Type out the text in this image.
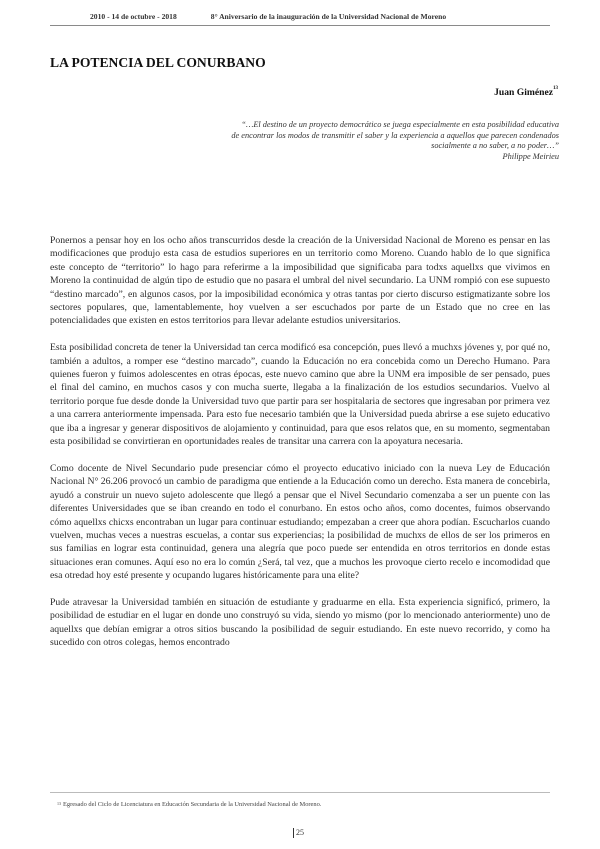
2010 - 14 de octubre - 2018	8° Aniversario de la inauguración de la Universidad Nacional de Moreno
LA POTENCIA DEL CONURBANO
Juan Giménez$^{13}$
“…El destino de un proyecto democrático se juega especialmente en esta posibilidad educativa
de encontrar los modos de transmitir el saber y la experiencia a aquellos que parecen condenados
socialmente a no saber, a no poder…”
Philippe Meirieu

Ponernos a pensar hoy en los ocho años transcurridos desde la creación de la Universidad Nacional de Moreno es pensar en las modificaciones que produjo esta casa de estudios superiores en un territorio como Moreno. Cuando hablo de lo que significa este concepto de “territorio” lo hago para referirme a la imposibilidad que significaba para todxs aquellxs que vivimos en Moreno la continuidad de algún tipo de estudio que no pasara el umbral del nivel secundario. La UNM rompió con ese supuesto “destino marcado”, en algunos casos, por la imposibilidad económica y otras tantas por cierto discurso estigmatizante sobre los sectores populares, que, lamentablemente, hoy vuelven a ser escuchados por parte de un Estado que no cree en las potencialidades que existen en estos territorios para llevar adelante estudios universitarios.

Esta posibilidad concreta de tener la Universidad tan cerca modificó esa concepción, pues llevó a muchxs jóvenes y, por qué no, también a adultos, a romper ese “destino marcado”, cuando la Educación no era concebida como un Derecho Humano. Para quienes fueron y fuimos adolescentes en otras épocas, este nuevo camino que abre la UNM era imposible de ser pensado, pues el final del camino, en muchos casos y con mucha suerte, llegaba a la finalización de los estudios secundarios. Vuelvo al territorio porque fue desde donde la Universidad tuvo que partir para ser hospitalaria de sectores que ingresaban por primera vez a una carrera anteriormente impensada. Para esto fue necesario también que la Universidad pueda abrirse a ese sujeto educativo que iba a ingresar y generar dispositivos de alojamiento y continuidad, para que esos relatos que, en su momento, segmentaban esta posibilidad se convirtieran en oportunidades reales de transitar una carrera con la apoyatura necesaria.

Como docente de Nivel Secundario pude presenciar cómo el proyecto educativo iniciado con la nueva Ley de Educación Nacional N° 26.206 provocó un cambio de paradigma que entiende a la Educación como un derecho. Esta manera de concebirla, ayudó a construir un nuevo sujeto adolescente que llegó a pensar que el Nivel Secundario comenzaba a ser un puente con las diferentes Universidades que se iban creando en todo el conurbano. En estos ocho años, como docentes, fuimos observando cómo aquellxs chicxs encontraban un lugar para continuar estudiando; empezaban a creer que ahora podían. Escucharlos cuando vuelven, muchas veces a nuestras escuelas, a contar sus experiencias; la posibilidad de muchxs de ellos de ser los primeros en sus familias en lograr esta continuidad, genera una alegría que poco puede ser entendida en otros territorios en donde estas situaciones eran comunes. Aquí eso no era lo común ¿Será, tal vez, que a muchos les provoque cierto recelo e incomodidad que esa otredad hoy esté presente y ocupando lugares históricamente para una elite?

Pude atravesar la Universidad también en situación de estudiante y graduarme en ella. Esta experiencia significó, primero, la posibilidad de estudiar en el lugar en donde uno construyó su vida, siendo yo mismo (por lo mencionado anteriormente) uno de aquellxs que debían emigrar a otros sitios buscando la posibilidad de seguir estudiando. En este nuevo recorrido, y como ha sucedido con otros colegas, hemos encontrado

$^{13}$ Egresado del Ciclo de Licenciatura en Educación Secundaria de la Universidad Nacional de Moreno.
25
